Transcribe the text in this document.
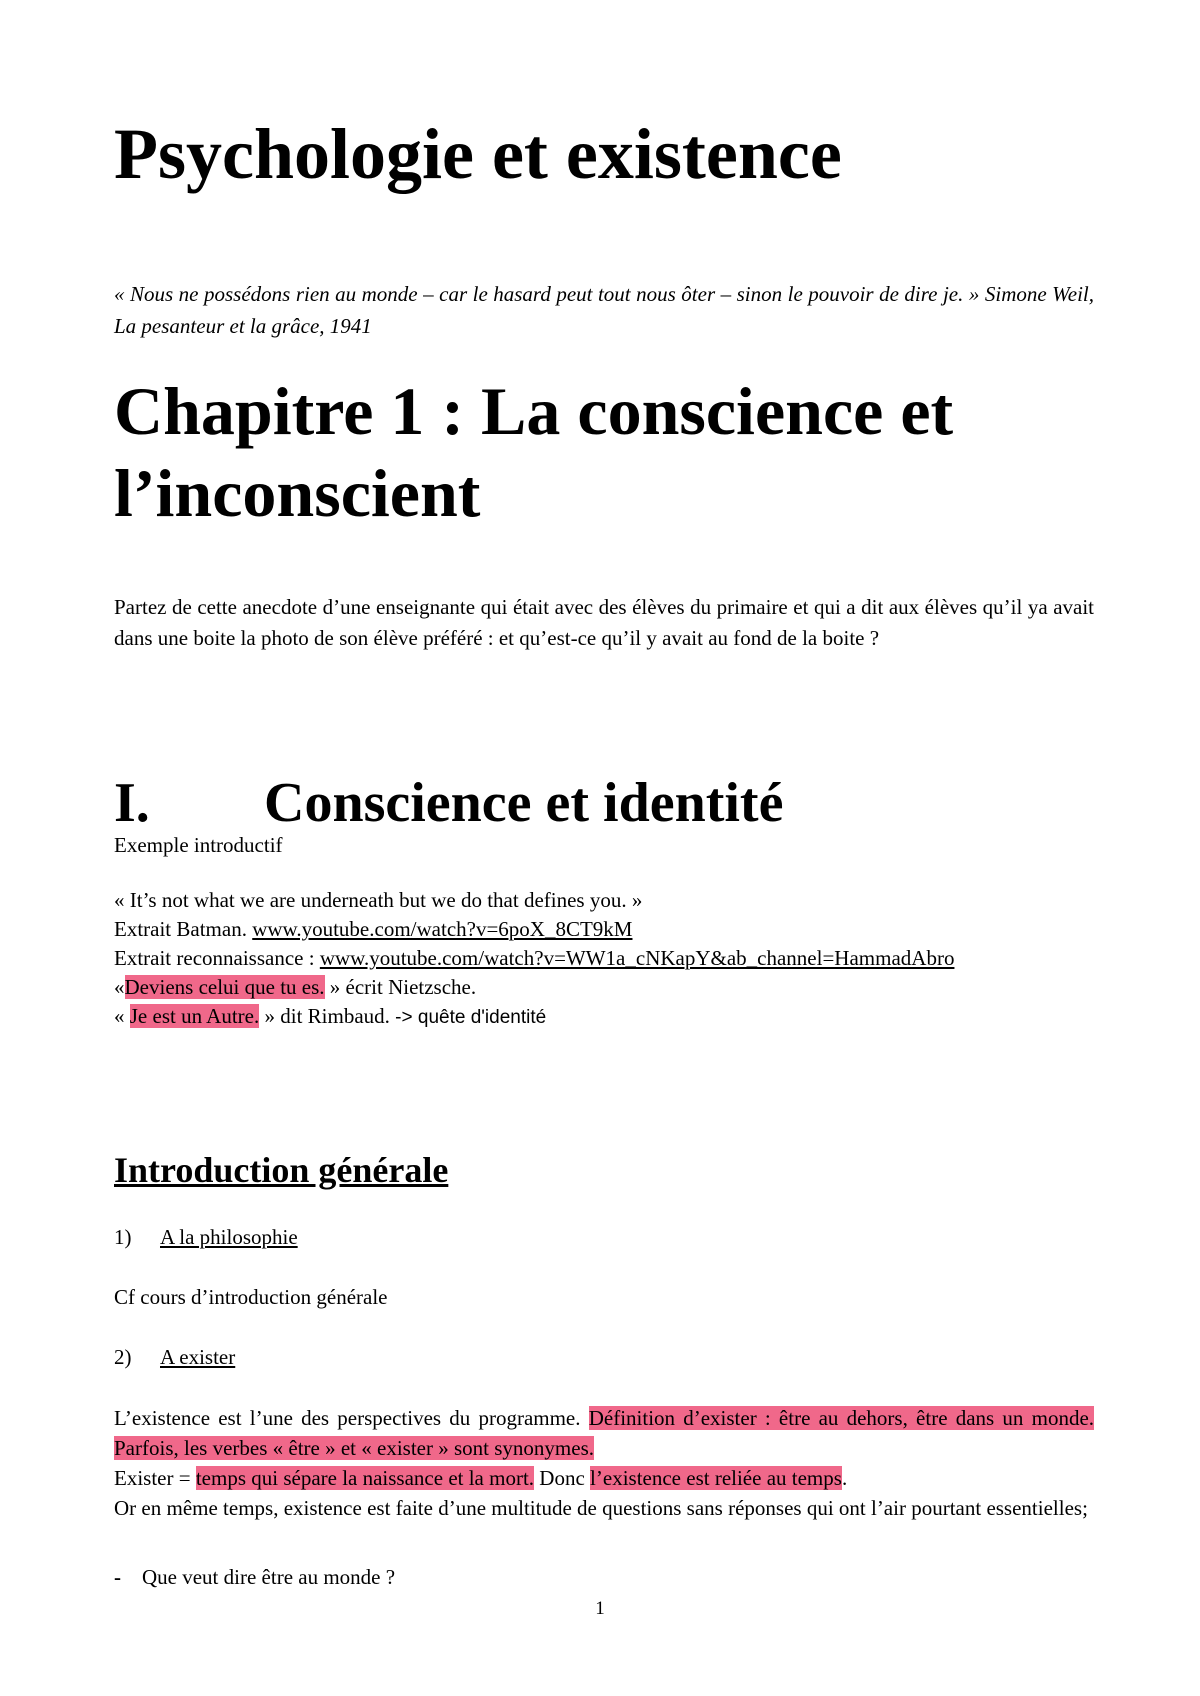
Psychologie et existence

« Nous ne possédons rien au monde – car le hasard peut tout nous ôter – sinon le pouvoir de dire je. » Simone Weil, La pesanteur et la grâce, 1941

Chapitre 1 : La conscience et
l’inconscient

Partez de cette anecdote d’une enseignante qui était avec des élèves du primaire et qui a dit aux élèves qu’il ya avait dans une boite la photo de son élève préféré : et qu’est-ce qu’il y avait au fond de la boite ?

I. Conscience et identité

Exemple introductif

« It’s not what we are underneath but we do that defines you. »

Extrait Batman. www.youtube.com/watch?v=6poX_8CT9kM

Extrait reconnaissance : www.youtube.com/watch?v=WW1a_cNKapY&ab_channel=HammadAbro

«Deviens celui que tu es. » écrit Nietzsche.

« Je est un Autre. » dit Rimbaud. -> quête d'identité

Introduction générale

1) A la philosophie

Cf cours d’introduction générale

2) A exister

L’existence est l’une des perspectives du programme. Définition d’exister : être au dehors, être dans un monde. Parfois, les verbes « être » et « exister » sont synonymes.

Exister = temps qui sépare la naissance et la mort. Donc l’existence est reliée au temps.

Or en même temps, existence est faite d’une multitude de questions sans réponses qui ont l’air pourtant essentielles;

- Que veut dire être au monde ?

1
